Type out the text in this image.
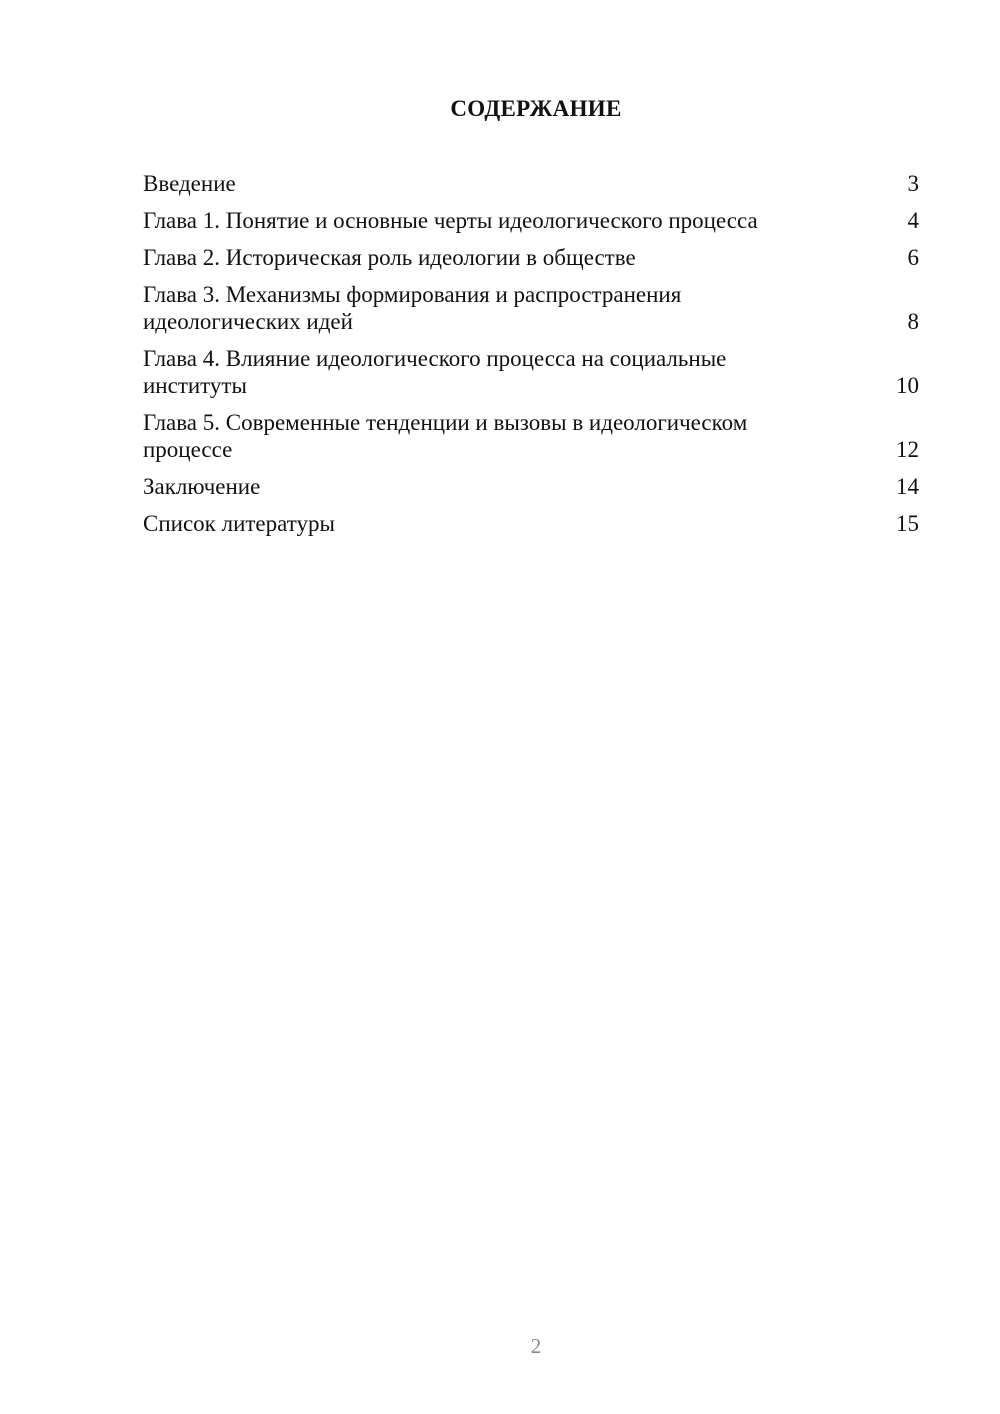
СОДЕРЖАНИЕ
Введение	3
Глава 1. Понятие и основные черты идеологического процесса	4
Глава 2. Историческая роль идеологии в обществе	6
Глава 3. Механизмы формирования и распространения идеологических идей	8
Глава 4. Влияние идеологического процесса на социальные институты	10
Глава 5. Современные тенденции и вызовы в идеологическом процессе	12
Заключение	14
Список литературы	15
2
